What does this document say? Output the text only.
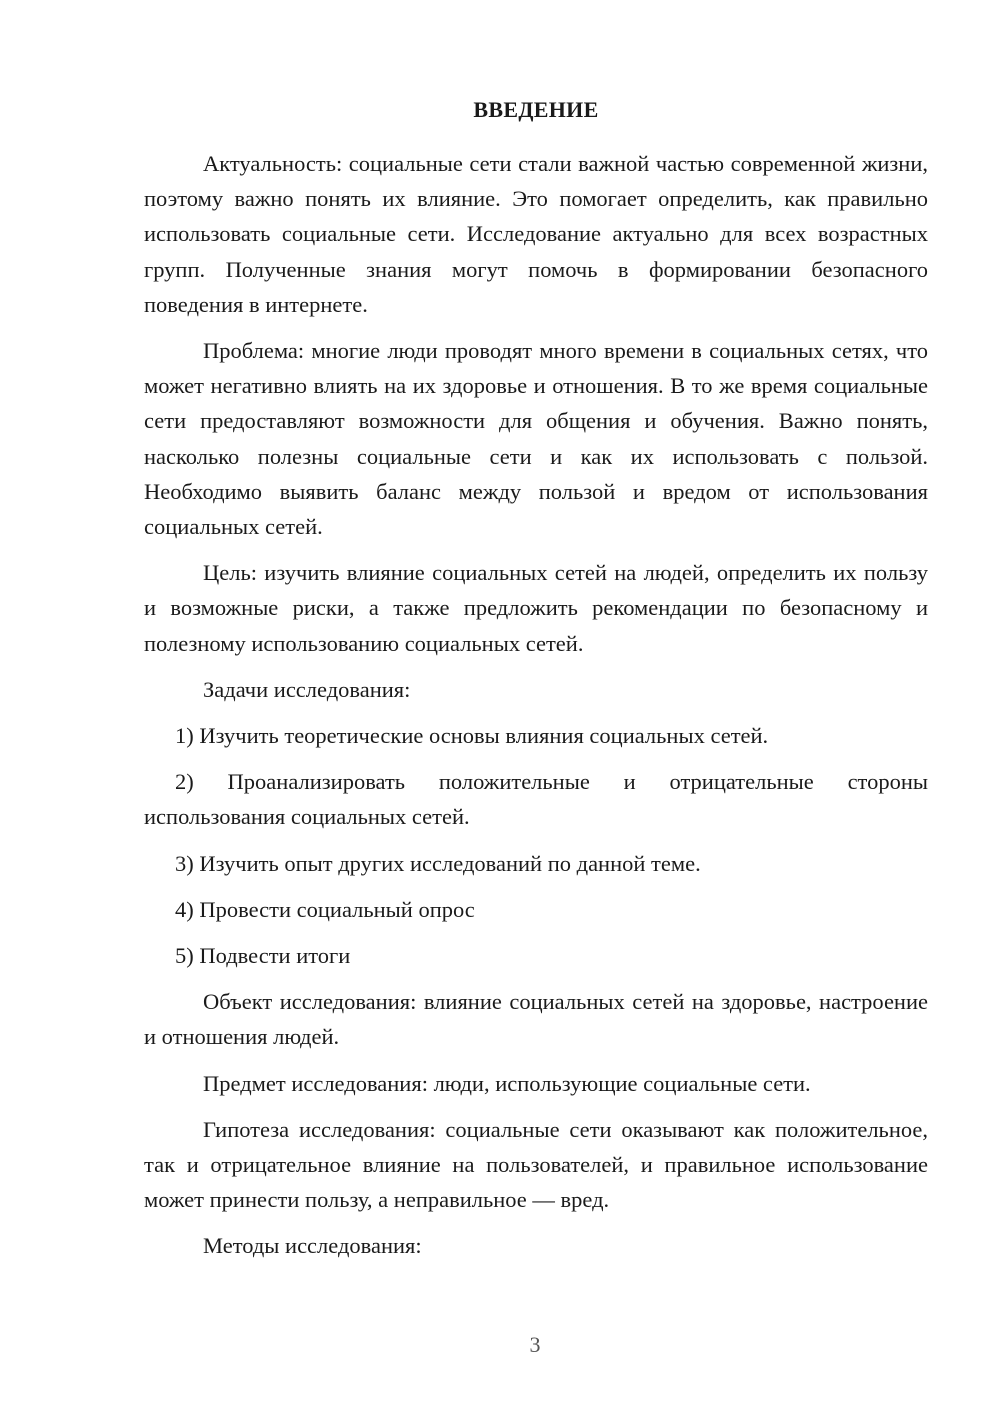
ВВЕДЕНИЕ

Актуальность: социальные сети стали важной частью современной жизни, поэтому важно понять их влияние. Это помогает определить, как правильно использовать социальные сети. Исследование актуально для всех возрастных групп. Полученные знания могут помочь в формировании безопасного поведения в интернете.

Проблема: многие люди проводят много времени в социальных сетях, что может негативно влиять на их здоровье и отношения. В то же время социальные сети предоставляют возможности для общения и обучения. Важно понять, насколько полезны социальные сети и как их использовать с пользой. Необходимо выявить баланс между пользой и вредом от использования социальных сетей.

Цель: изучить влияние социальных сетей на людей, определить их пользу и возможные риски, а также предложить рекомендации по безопасному и полезному использованию социальных сетей.

Задачи исследования:

1) Изучить теоретические основы влияния социальных сетей.

2) Проанализировать положительные и отрицательные стороны использования социальных сетей.

3) Изучить опыт других исследований по данной теме.

4) Провести социальный опрос

5) Подвести итоги

Объект исследования: влияние социальных сетей на здоровье, настроение и отношения людей.

Предмет исследования: люди, использующие социальные сети.

Гипотеза исследования: социальные сети оказывают как положительное, так и отрицательное влияние на пользователей, и правильное использование может принести пользу, а неправильное — вред.

Методы исследования:

3
